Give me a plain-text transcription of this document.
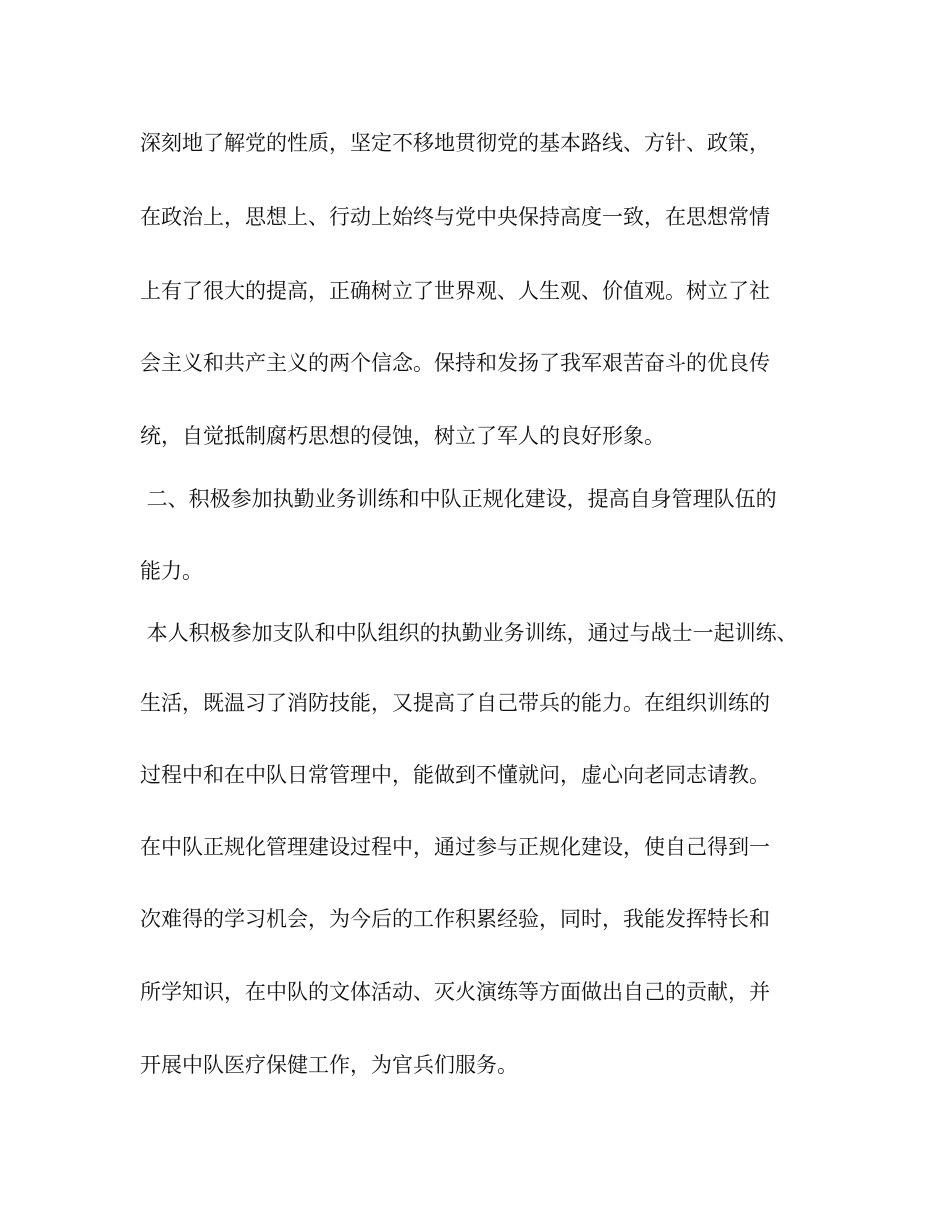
深刻地了解党的性质，坚定不移地贯彻党的基本路线、方针、政策，
在政治上，思想上、行动上始终与党中央保持高度一致，在思想常情
上有了很大的提高，正确树立了世界观、人生观、价值观。树立了社
会主义和共产主义的两个信念。保持和发扬了我军艰苦奋斗的优良传
统，自觉抵制腐朽思想的侵蚀，树立了军人的良好形象。
二、积极参加执勤业务训练和中队正规化建设，提高自身管理队伍的
能力。
本人积极参加支队和中队组织的执勤业务训练，通过与战士一起训练、
生活，既温习了消防技能，又提高了自己带兵的能力。在组织训练的
过程中和在中队日常管理中，能做到不懂就问，虚心向老同志请教。
在中队正规化管理建设过程中，通过参与正规化建设，使自己得到一
次难得的学习机会，为今后的工作积累经验，同时，我能发挥特长和
所学知识，在中队的文体活动、灭火演练等方面做出自己的贡献，并
开展中队医疗保健工作，为官兵们服务。
